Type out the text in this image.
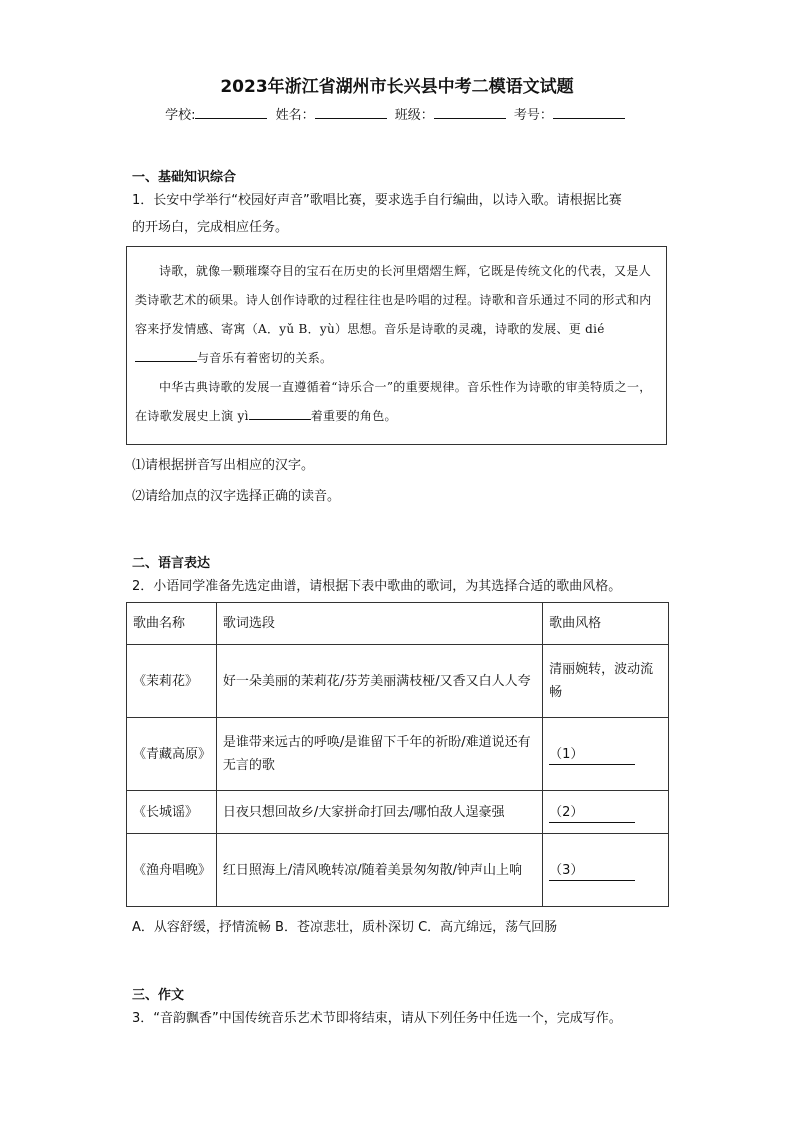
2023年浙江省湖州市长兴县中考二模语文试题
学校:	姓名：	班级：	考号：
一、基础知识综合
1．长安中学举行“校园好声音”歌唱比赛，要求选手自行编曲，以诗入歌。请根据比赛
的开场白，完成相应任务。

诗歌，就像一颗璀璨夺目的宝石在历史的长河里熠熠生辉，它既是传统文化的代表，又是人类诗歌艺术的硕果。诗人创作诗歌的过程往往也是吟唱的过程。诗歌和音乐通过不同的形式和内容来抒发情感、寄寓（A．yǔ B．yù）思想。音乐是诗歌的灵魂，诗歌的发展、更 dié与音乐有着密切的关系。

中华古典诗歌的发展一直遵循着“诗乐合一”的重要规律。音乐性作为诗歌的审美特质之一，在诗歌发展史上演 yì	着重要的角色。

⑴请根据拼音写出相应的汉字。
⑵请给加点的汉字选择正确的读音。
二、语言表达
2．小语同学准备先选定曲谱，请根据下表中歌曲的歌词，为其选择合适的歌曲风格。
歌曲名称	歌词选段	歌曲风格
《茉莉花》	好一朵美丽的茉莉花/芬芳美丽满枝桠/又香又白人人夸	清丽婉转，波动流畅
《青藏高原》	是谁带来远古的呼唤/是谁留下千年的祈盼/难道说还有无言的歌	（1）
《长城谣》	日夜只想回故乡/大家拼命打回去/哪怕敌人逞豪强	（2）
《渔舟唱晚》	红日照海上/清风晚转凉/随着美景匆匆散/钟声山上响	（3）
A．从容舒缓，抒情流畅 B．苍凉悲壮，质朴深切 C．高亢绵远，荡气回肠
三、作文
3．“音韵飘香”中国传统音乐艺术节即将结束，请从下列任务中任选一个，完成写作。
